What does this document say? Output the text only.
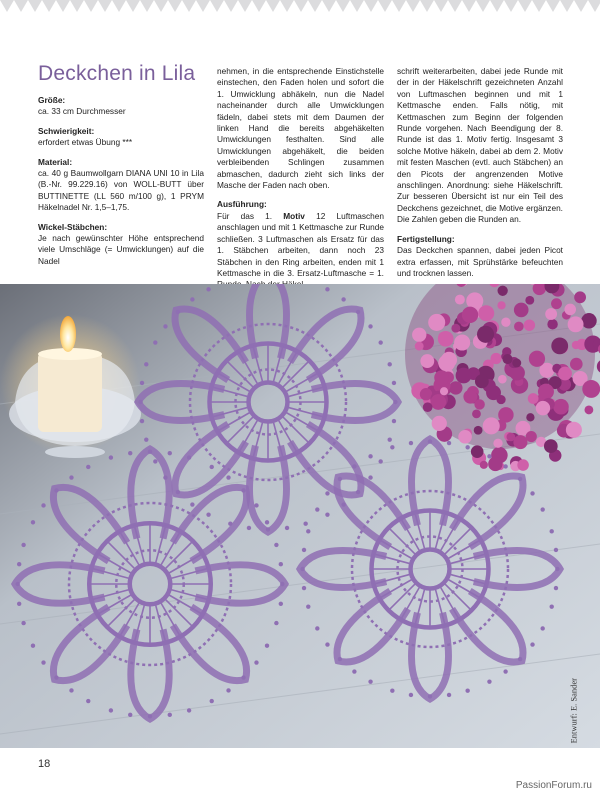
Deckchen in Lila

Größe:

ca. 33 cm Durchmesser

Schwierigkeit:

erfordert etwas Übung ***

Material:

ca. 40 g Baumwollgarn DIANA UNI 10 in Lila (B.-Nr. 99.229.16) von WOLL-BUTT über BUTTINETTE (LL 560 m/100 g), 1 PRYM Häkelnadel Nr. 1,5–1,75.

Wickel-Stäbchen:

Je nach gewünschter Höhe entsprechend viele Umschläge (= Umwicklungen) auf die Nadel

nehmen, in die entsprechende Einstichstelle einstechen, den Faden holen und sofort die 1. Umwicklung abhäkeln, nun die Nadel nacheinander durch alle Umwicklungen fädeln, dabei stets mit dem Daumen der linken Hand die bereits abgehäkelten Umwicklungen festhalten. Sind alle Umwicklungen abgehäkelt, die beiden verbleibenden Schlingen zusammen abmaschen, dadurch zieht sich links der Masche der Faden nach oben.

Ausführung:

Für das 1. Motiv 12 Luftmaschen anschlagen und mit 1 Kettmasche zur Runde schließen. 3 Luftmaschen als Ersatz für das 1. Stäbchen arbeiten, dann noch 23 Stäbchen in den Ring arbeiten, enden mit 1 Kettmasche in die 3. Ersatz-Luftmasche = 1.

schrift weiterarbeiten, dabei jede Runde mit der in der Häkelschrift gezeichneten Anzahl von Luftmaschen beginnen und mit 1 Kettmasche enden. Falls nötig, mit Kettmaschen zum Beginn der folgenden Runde vorgehen. Nach Beendigung der 8. Runde ist das 1. Motiv fertig. Insgesamt 3 solche Motive häkeln, dabei ab dem 2. Motiv mit festen Maschen (evtl. auch Stäbchen) an den Picots der angrenzenden Motive anschlingen. Anordnung: siehe Häkelschrift. Zur besseren Übersicht ist nur ein Teil des Deckchens gezeichnet, die Motive ergänzen. Die Zahlen geben die Runden an.

Fertigstellung:

Das Deckchen spannen, dabei jeden Picot extra erfassen, mit Sprühstärke befeuchten und trocknen lassen.

Entwurf: E. Sander
18
PassionForum.ru
